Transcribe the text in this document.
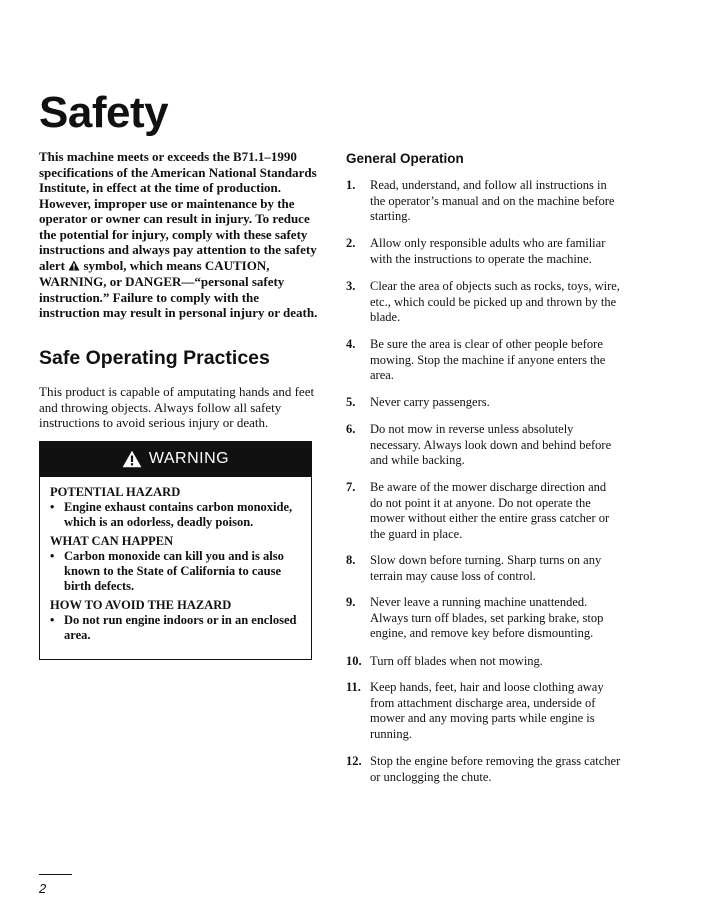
Safety

This machine meets or exceeds the B71.1–1990 specifications of the American National Standards Institute, in effect at the time of production. However, improper use or maintenance by the operator or owner can result in injury. To reduce the potential for injury, comply with these safety instructions and always pay attention to the safety alert symbol, which means CAUTION, WARNING, or DANGER—“personal safety instruction.” Failure to comply with the instruction may result in personal injury or death.

Safe Operating Practices

This product is capable of amputating hands and feet and throwing objects. Always follow all safety instructions to avoid serious injury or death.

WARNING

POTENTIAL HAZARD

• Engine exhaust contains carbon monoxide, which is an odorless, deadly poison.

WHAT CAN HAPPEN

• Carbon monoxide can kill you and is also known to the State of California to cause birth defects.

HOW TO AVOID THE HAZARD

• Do not run engine indoors or in an enclosed area.

General Operation
1.	Read, understand, and follow all instructions in the operator’s manual and on the machine before starting.
2.	Allow only responsible adults who are familiar with the instructions to operate the machine.
3.	Clear the area of objects such as rocks, toys, wire, etc., which could be picked up and thrown by the blade.
4.	Be sure the area is clear of other people before mowing. Stop the machine if anyone enters the area.
5.	Never carry passengers.
6.	Do not mow in reverse unless absolutely necessary. Always look down and behind before and while backing.
7.	Be aware of the mower discharge direction and do not point it at anyone. Do not operate the mower without either the entire grass catcher or the guard in place.
8.	Slow down before turning. Sharp turns on any terrain may cause loss of control.
9.	Never leave a running machine unattended. Always turn off blades, set parking brake, stop engine, and remove key before dismounting.
10. Turn off blades when not mowing.
11. Keep hands, feet, hair and loose clothing away from attachment discharge area, underside of mower and any moving parts while engine is running.
12. Stop the engine before removing the grass catcher or unclogging the chute.
2
